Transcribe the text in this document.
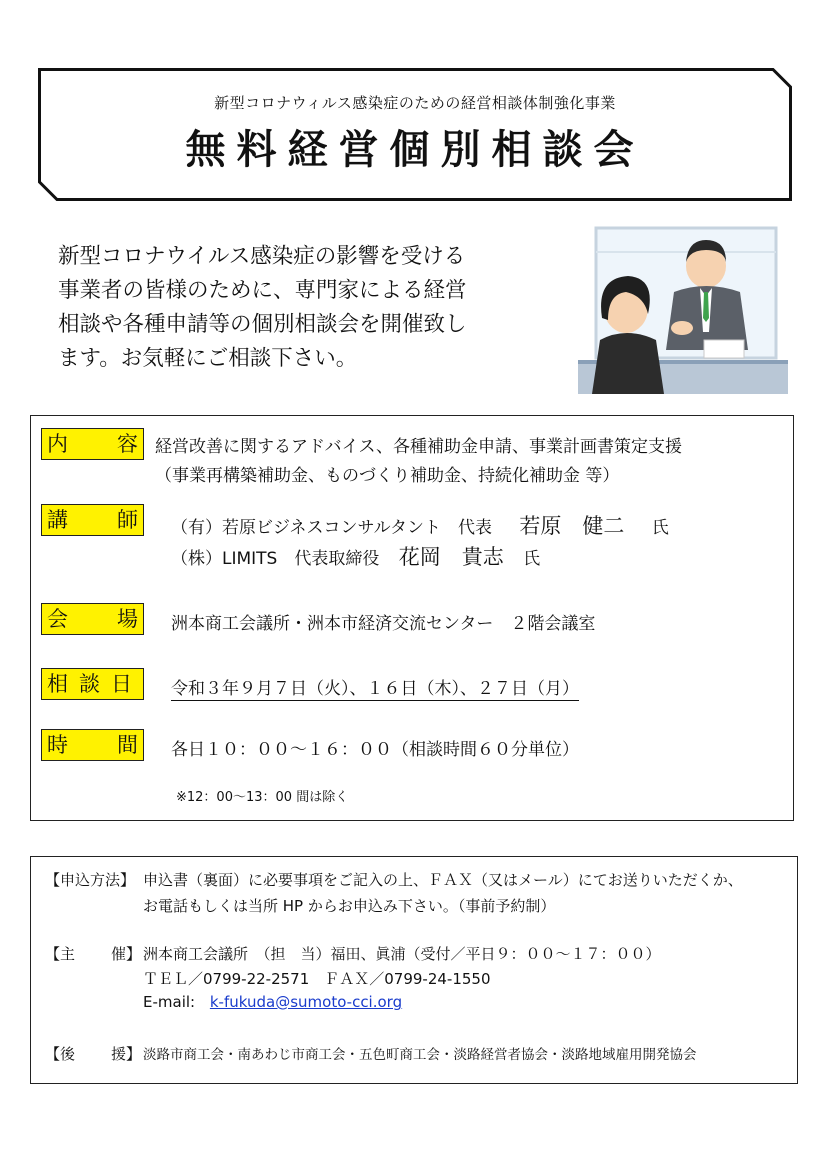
新型コロナウィルス感染症のための経営相談体制強化事業
無料経営個別相談会
新型コロナウイルス感染症の影響を受ける
事業者の皆様のために、専門家による経営
相談や各種申請等の個別相談会を開催致し
ます。お気軽にご相談下さい。
内 容 経営改善に関するアドバイス、各種補助金申請、事業計画書策定支援
（事業再構築補助金、ものづくり補助金、持続化補助金 等）
講 師 （有）若原ビジネスコンサルタント　代表 若原　健二 氏
（株）LIMITS　代表取締役 花岡　貴志 氏
会 場 洲本商工会議所・洲本市経済交流センター　２階会議室
相談日 令和３年９月７日（火）、１６日（木）、２７日（月）
時 間 各日１０：００～１６：００（相談時間６０分単位）
※12：00～13：00 間は除く
【申込方法】 申込書（裏面）に必要事項をご記入の上、ＦＡＸ（又はメール）にてお送りいただくか、
お電話もしくは当所 HP からお申込み下さい。（事前予約制）
【主 催】 洲本商工会議所　（担　当）福田、眞浦（受付／平日９：００～１７：００）
ＴＥＬ／0799-22-2571　ＦＡＸ／0799-24-1550
E-mail: k-fukuda@sumoto-cci.org
【後 援】 淡路市商工会・南あわじ市商工会・五色町商工会・淡路経営者協会・淡路地域雇用開発協会
